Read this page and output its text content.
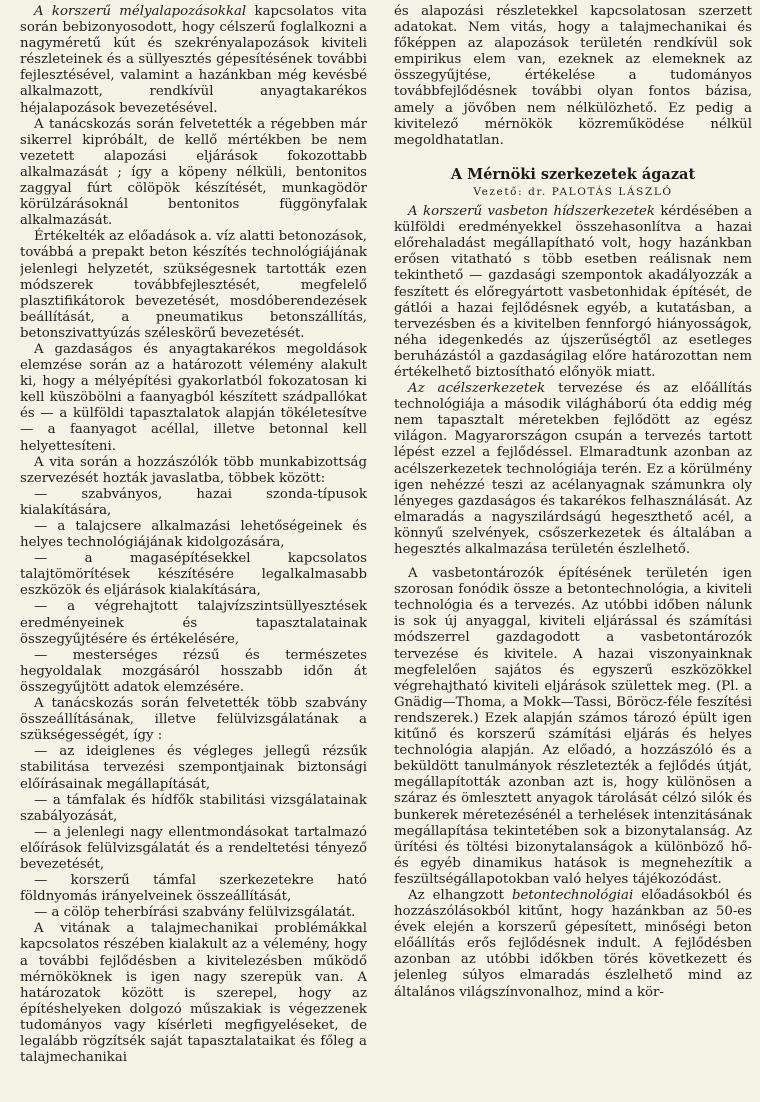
A korszerű mélyalapozásokkal kapcsolatos vita során bebizonyosodott, hogy célszerű foglalkozni a nagyméretű kút és szekrényalapozások kiviteli részleteinek és a süllyesztés gépesítésének további fejlesztésével, valamint a hazánkban még kevésbé alkalmazott, rendkívül anyagtakarékos héjalapozások bevezetésével.

A tanácskozás során felvetették a régebben már sikerrel kipróbált, de kellő mértékben be nem vezetett alapozási eljárások fokozottabb alkalmazását ; így a köpeny nélküli, bentonitos zaggyal fúrt cölöpök készítését, munkagödör körülzárásoknál bentonitos függönyfalak alkalmazását.

Értékelték az előadások a. víz alatti betonozások, továbbá a prepakt beton készítés technológiájának jelenlegi helyzetét, szükségesnek tartották ezen módszerek továbbfejlesztését, megfelelő plasztifikátorok bevezetését, mosdóberendezések beállítását, a pneumatikus betonszállítás, betonszivattyúzás széleskörű bevezetését.

A gazdaságos és anyagtakarékos megoldások elemzése során az a határozott vélemény alakult ki, hogy a mélyépítési gyakorlatból fokozatosan ki kell küszöbölni a faanyagból készített szádpallókat és — a külföldi tapasztalatok alapján tökéletesítve — a faanyagot acéllal, illetve betonnal kell helyettesíteni.

A vita során a hozzászólók több munkabizottság szervezését hozták javaslatba, többek között:

— szabványos, hazai szonda-típusok kialakítására,

— a talajcsere alkalmazási lehetőségeinek és helyes technológiájának kidolgozására,

— a magasépítésekkel kapcsolatos talajtömörítések készítésére legalkalmasabb eszközök és eljárások kialakítására,

— a végrehajtott talajvízszintsüllyesztések eredményeinek és tapasztalatainak összegyűjtésére és értékelésére,

— mesterséges rézsű és természetes hegyoldalak mozgásáról hosszabb időn át összegyűjtött adatok elemzésére.

A tanácskozás során felvetették több szabvány összeállításának, illetve felülvizsgálatának a szükségességét, így :

— az ideiglenes és végleges jellegű rézsűk stabilitása tervezési szempontjainak biztonsági előírásainak megállapítását,

— a támfalak és hídfők stabilitási vizsgálatainak szabályozását,

— a jelenlegi nagy ellentmondásokat tartalmazó előírások felülvizsgálatát és a rendeltetési tényező bevezetését,

— korszerű támfal szerkezetekre ható földnyomás irányelveinek összeállítását,

— a cölöp teherbírási szabvány felülvizsgálatát.

A vitának a talajmechanikai problémákkal kapcsolatos részében kialakult az a vélemény, hogy a további fejlődésben a kivitelezésben működő mérnököknek is igen nagy szerepük van. A határozatok között is szerepel, hogy az építéshelyeken dolgozó műszakiak is végezzenek tudományos vagy kísérleti megfigyeléseket, de legalább rögzítsék saját tapasztalataikat és főleg a talajmechanikai

és alapozási részletekkel kapcsolatosan szerzett adatokat. Nem vitás, hogy a talajmechanikai és főképpen az alapozások területén rendkívül sok empirikus elem van, ezeknek az elemeknek az összegyűjtése, értékelése a tudományos továbbfejlődésnek további olyan fontos bázisa, amely a jövőben nem nélkülözhető. Ez pedig a kivitelező mérnökök közreműködése nélkül megoldhatatlan.

A Mérnöki szerkezetek ágazat
Vezető: dr. PALOTÁS LÁSZLÓ

A korszerű vasbeton hídszerkezetek kérdésében a külföldi eredményekkel összehasonlítva a hazai előrehaladást megállapítható volt, hogy hazánkban erősen vitatható s több esetben reálisnak nem tekinthető — gazdasági szempontok akadályozzák a feszített és előregyártott vasbetonhidak építését, de gátlói a hazai fejlődésnek egyéb, a kutatásban, a tervezésben és a kivitelben fennforgó hiányosságok, néha idegenkedés az újszerűségtől az esetleges beruházástól a gazdaságilag előre határozottan nem értékelhető biztosítható előnyök miatt.

Az acélszerkezetek tervezése és az előállítás technológiája a második világháború óta eddig még nem tapasztalt méretekben fejlődött az egész világon. Magyarországon csupán a tervezés tartott lépést ezzel a fejlődéssel. Elmaradtunk azonban az acélszerkezetek technológiája terén. Ez a körülmény igen nehézzé teszi az acélanyagnak számunkra oly lényeges gazdaságos és takarékos felhasználását. Az elmaradás a nagyszilárdságú hegeszthető acél, a könnyű szelvények, csőszerkezetek és általában a hegesztés alkalmazása területén észlelhető.

A vasbetontározók építésének területén igen szorosan fonódik össze a betontechnológia, a kiviteli technológia és a tervezés. Az utóbbi időben nálunk is sok új anyaggal, kiviteli eljárással és számítási módszerrel gazdagodott a vasbetontározók tervezése és kivitele. A hazai viszonyainknak megfelelően sajátos és egyszerű eszközökkel végrehajtható kiviteli eljárások születtek meg. (Pl. a Gnädig—Thoma, a Mokk—Tassi, Böröcz-féle feszítési rendszerek.) Ezek alapján számos tározó épült igen kitűnő és korszerű számítási eljárás és helyes technológia alapján. Az előadó, a hozzászóló és a beküldött tanulmányok részletezték a fejlődés útját, megállapították azonban azt is, hogy különösen a száraz és ömlesztett anyagok tárolását célzó silók és bunkerek méretezésénél a terhelések intenzitásának megállapítása tekintetében sok a bizonytalanság. Az ürítési és töltési bizonytalanságok a különböző hő- és egyéb dinamikus hatások is megnehezítik a feszültségállapotokban való helyes tájékozódást.

Az elhangzott betontechnológiai előadásokból és hozzászólásokból kitűnt, hogy hazánkban az 50-es évek elején a korszerű gépesített, minőségi beton előállítás erős fejlődésnek indult. A fejlődésben azonban az utóbbi időkben törés következett és jelenleg súlyos elmaradás észlelhető mind az általános világszínvonalhoz, mind a kör-
